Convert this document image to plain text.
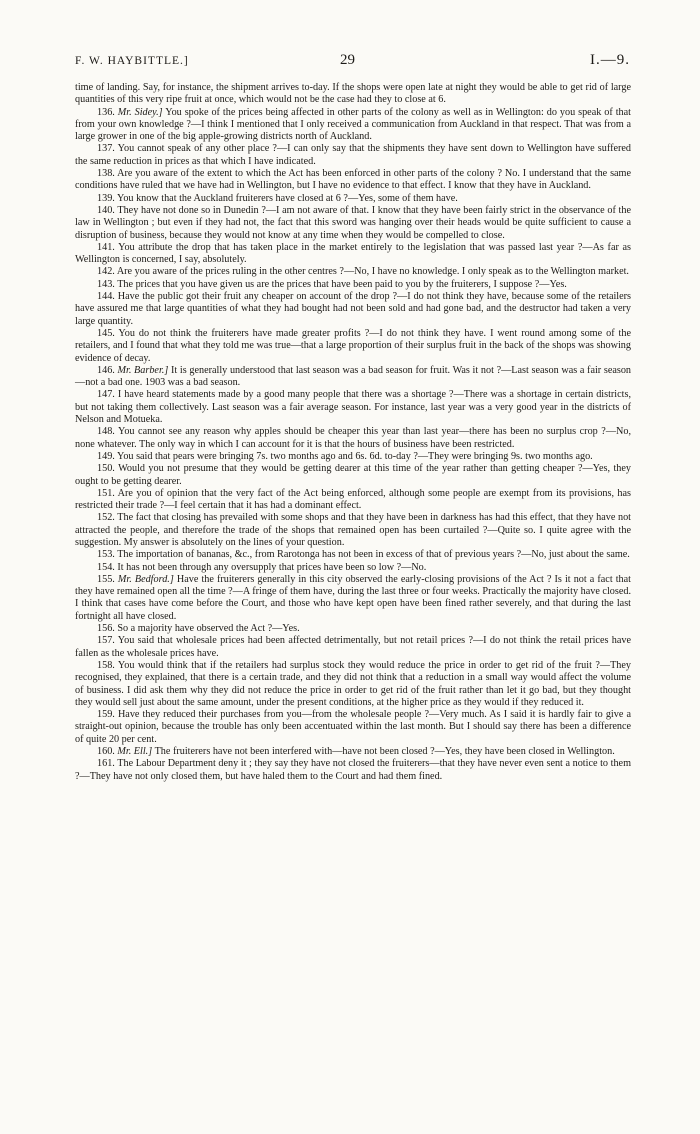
F. W. HAYBITTLE.]	29	I.—9.

time of landing. Say, for instance, the shipment arrives to-day. If the shops were open late at night they would be able to get rid of large quantities of this very ripe fruit at once, which would not be the case had they to close at 6.

136. Mr. Sidey.] You spoke of the prices being affected in other parts of the colony as well as in Wellington: do you speak of that from your own knowledge ?—I think I mentioned that I only received a communication from Auckland in that respect. That was from a large grower in one of the big apple-growing districts north of Auckland.

137. You cannot speak of any other place ?—I can only say that the shipments they have sent down to Wellington have suffered the same reduction in prices as that which I have indicated.

138. Are you aware of the extent to which the Act has been enforced in other parts of the colony ? No. I understand that the same conditions have ruled that we have had in Wellington, but I have no evidence to that effect. I know that they have in Auckland.

139. You know that the Auckland fruiterers have closed at 6 ?—Yes, some of them have.

140. They have not done so in Dunedin ?—I am not aware of that. I know that they have been fairly strict in the observance of the law in Wellington ; but even if they had not, the fact that this sword was hanging over their heads would be quite sufficient to cause a disruption of business, because they would not know at any time when they would be compelled to close.

141. You attribute the drop that has taken place in the market entirely to the legislation that was passed last year ?—As far as Wellington is concerned, I say, absolutely.

142. Are you aware of the prices ruling in the other centres ?—No, I have no knowledge. I only speak as to the Wellington market.

143. The prices that you have given us are the prices that have been paid to you by the fruiterers, I suppose ?—Yes.

144. Have the public got their fruit any cheaper on account of the drop ?—I do not think they have, because some of the retailers have assured me that large quantities of what they had bought had not been sold and had gone bad, and the destructor had taken a very large quantity.

145. You do not think the fruiterers have made greater profits ?—I do not think they have. I went round among some of the retailers, and I found that what they told me was true—that a large proportion of their surplus fruit in the back of the shops was showing evidence of decay.

146. Mr. Barber.] It is generally understood that last season was a bad season for fruit. Was it not ?—Last season was a fair season—not a bad one. 1903 was a bad season.

147. I have heard statements made by a good many people that there was a shortage ?—There was a shortage in certain districts, but not taking them collectively. Last season was a fair average season. For instance, last year was a very good year in the districts of Nelson and Motueka.

148. You cannot see any reason why apples should be cheaper this year than last year—there has been no surplus crop ?—No, none whatever. The only way in which I can account for it is that the hours of business have been restricted.

149. You said that pears were bringing 7s. two months ago and 6s. 6d. to-day ?—They were bringing 9s. two months ago.

150. Would you not presume that they would be getting dearer at this time of the year rather than getting cheaper ?—Yes, they ought to be getting dearer.

151. Are you of opinion that the very fact of the Act being enforced, although some people are exempt from its provisions, has restricted their trade ?—I feel certain that it has had a dominant effect.

152. The fact that closing has prevailed with some shops and that they have been in darkness has had this effect, that they have not attracted the people, and therefore the trade of the shops that remained open has been curtailed ?—Quite so. I quite agree with the suggestion. My answer is absolutely on the lines of your question.

153. The importation of bananas, &c., from Rarotonga has not been in excess of that of previous years ?—No, just about the same.

154. It has not been through any oversupply that prices have been so low ?—No.

155. Mr. Bedford.] Have the fruiterers generally in this city observed the early-closing provisions of the Act ? Is it not a fact that they have remained open all the time ?—A fringe of them have, during the last three or four weeks. Practically the majority have closed. I think that cases have come before the Court, and those who have kept open have been fined rather severely, and that during the last fortnight all have closed.

156. So a majority have observed the Act ?—Yes.

157. You said that wholesale prices had been affected detrimentally, but not retail prices ?—I do not think the retail prices have fallen as the wholesale prices have.

158. You would think that if the retailers had surplus stock they would reduce the price in order to get rid of the fruit ?—They recognised, they explained, that there is a certain trade, and they did not think that a reduction in a small way would affect the volume of business. I did ask them why they did not reduce the price in order to get rid of the fruit rather than let it go bad, but they thought they would sell just about the same amount, under the present conditions, at the higher price as they would if they reduced it.

159. Have they reduced their purchases from you—from the wholesale people ?—Very much. As I said it is hardly fair to give a straight-out opinion, because the trouble has only been accentuated within the last month. But I should say there has been a difference of quite 20 per cent.

160. Mr. Ell.] The fruiterers have not been interfered with—have not been closed ?—Yes, they have been closed in Wellington.

161. The Labour Department deny it ; they say they have not closed the fruiterers—that they have never even sent a notice to them ?—They have not only closed them, but have haled them to the Court and had them fined.
